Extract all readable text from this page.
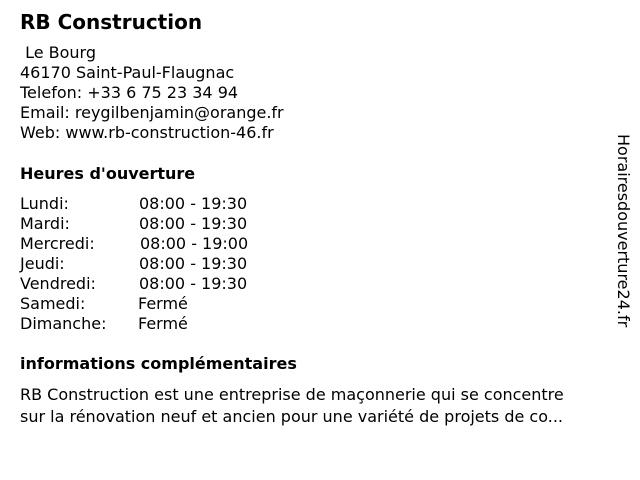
RB Construction
Le Bourg
46170 Saint-Paul-Flaugnac
Telefon: +33 6 75 23 34 94
Email: reygilbenjamin@orange.fr
Web: www.rb-construction-46.fr
Heures d'ouverture
Lundi:	08:00 - 19:30
Mardi:	08:00 - 19:30
Mercredi:	08:00 - 19:00
Jeudi:	08:00 - 19:30
Vendredi:	08:00 - 19:30
Samedi:	Fermé
Dimanche: Fermé
informations complémentaires
RB Construction est une entreprise de maçonnerie qui se concentre
sur la rénovation neuf et ancien pour une variété de projets de co...
Horairesdouverture24.fr
